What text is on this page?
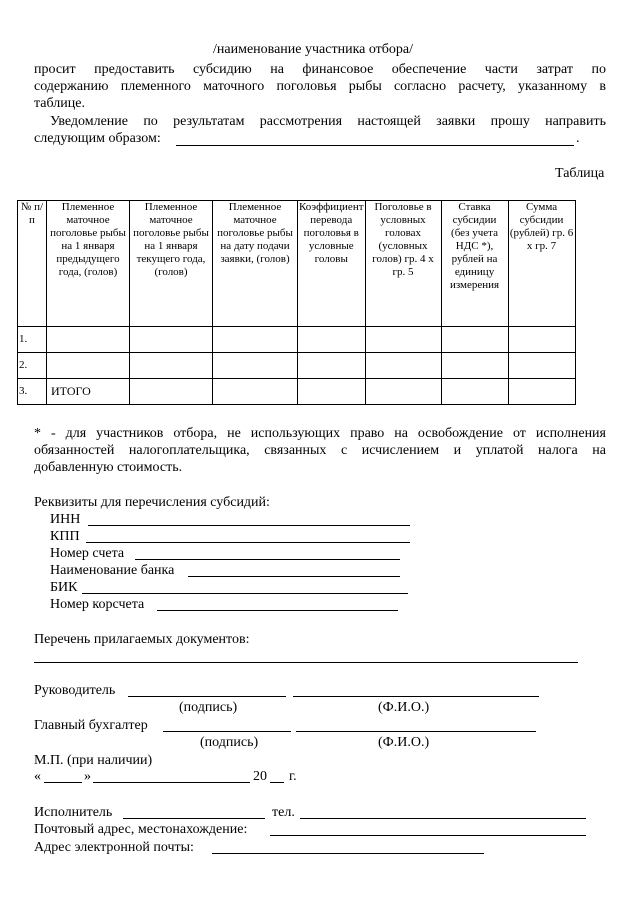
/наименование участника отбора/
просит предоставить субсидию на финансовое обеспечение части затрат по
содержанию племенного маточного поголовья рыбы согласно расчету, указанному в
таблице.
Уведомление по результатам рассмотрения настоящей заявки прошу направить
следующим образом:	.
Таблица
№ п/п	Племенное маточное поголовье рыбы на 1 января предыдущего года, (голов)	Племенное маточное поголовье рыбы на 1 января текущего года, (голов)	Племенное маточное поголовье рыбы на дату подачи заявки, (голов)	Коэффициент перевода поголовья в условные головы	Поголовье в условных головах (условных голов) гр. 4 х гр. 5	Ставка субсидии (без учета НДС *), рублей на единицу измерения	Сумма субсидии (рублей) гр. 6 х гр. 7
1.							
2.							
3.	ИТОГО						
* - для участников отбора, не использующих право на освобождение от исполнения
обязанностей налогоплательщика, связанных с исчислением и уплатой налога на
добавленную стоимость.
Реквизиты для перечисления субсидий:
ИНН
КПП
Номер счета
Наименование банка
БИК
Номер корсчета
Перечень прилагаемых документов:
Руководитель
(подпись)	(Ф.И.О.)
Главный бухгалтер
(подпись)	(Ф.И.О.)
М.П. (при наличии)
«	»	20 г.
Исполнитель	тел.
Почтовый адрес, местонахождение:
Адрес электронной почты:
